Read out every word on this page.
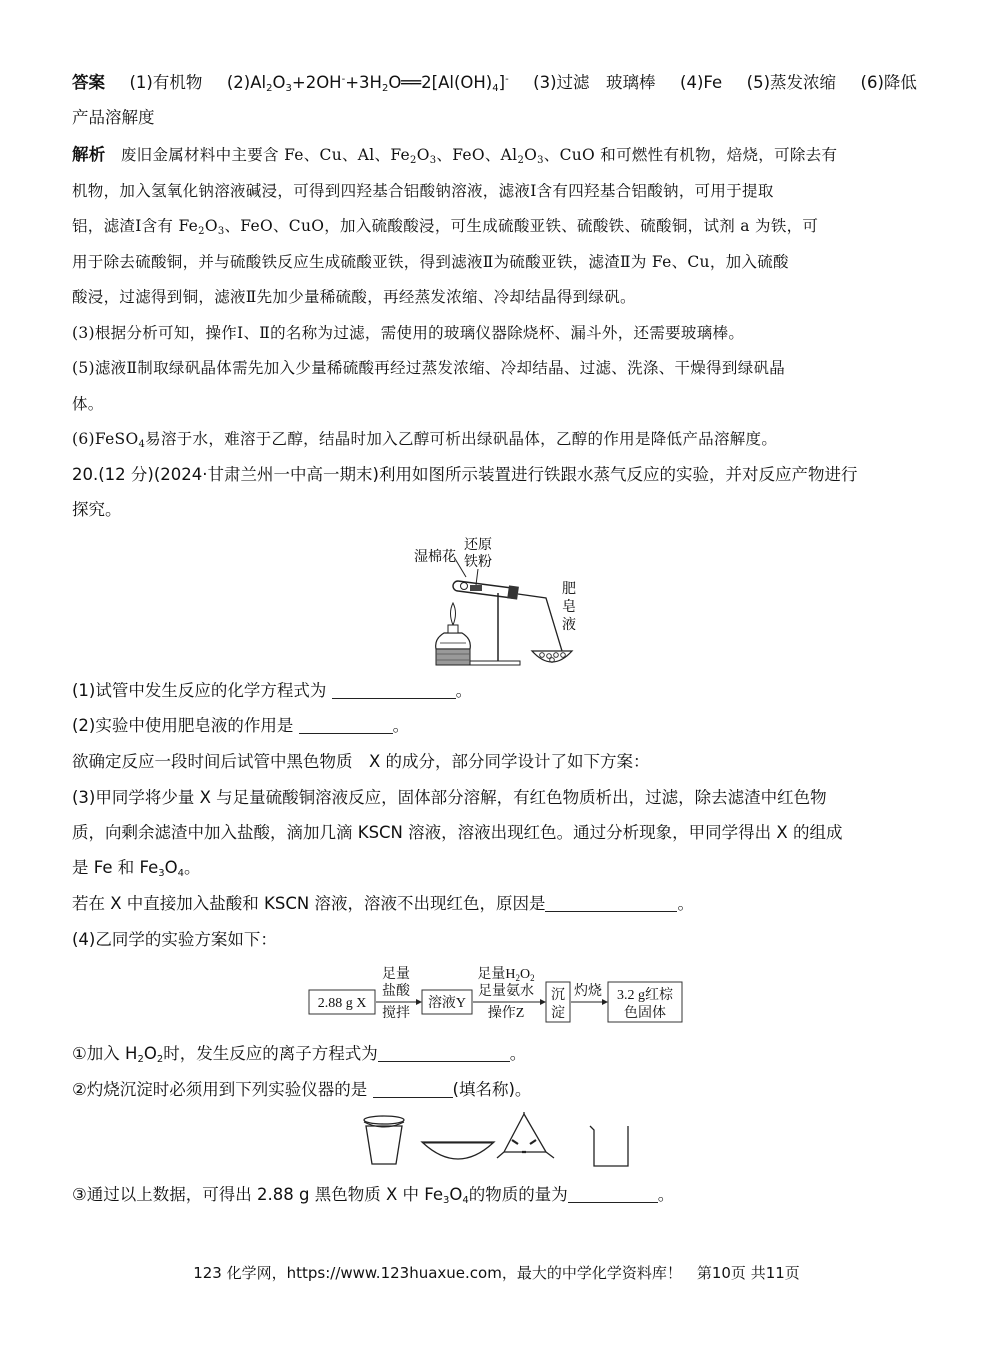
答案 (1)有机物 $(2)Al_2O_3+2OH^-+3H_2O══2[Al(OH)_4]^-$ (3)过滤　玻璃棒 (4)Fe (5)蒸发浓缩 (6)降低
产品溶解度
解析 废旧金属材料中主要含 Fe、Cu、Al、$Fe_2O_3$、FeO、$Al_2O_3$、CuO 和可燃性有机物，焙烧，可除去有
机物，加入氢氧化钠溶液碱浸，可得到四羟基合铝酸钠溶液，滤液Ⅰ含有四羟基合铝酸钠，可用于提取
铝，滤渣Ⅰ含有 $Fe_2O_3$、FeO、CuO，加入硫酸酸浸，可生成硫酸亚铁、硫酸铁、硫酸铜，试剂 a 为铁，可
用于除去硫酸铜，并与硫酸铁反应生成硫酸亚铁，得到滤液Ⅱ为硫酸亚铁，滤渣Ⅱ为 Fe、Cu，加入硫酸
酸浸，过滤得到铜，滤液Ⅱ先加少量稀硫酸，再经蒸发浓缩、冷却结晶得到绿矾。
(3)根据分析可知，操作Ⅰ、Ⅱ的名称为过滤，需使用的玻璃仪器除烧杯、漏斗外，还需要玻璃棒。
(5)滤液Ⅱ制取绿矾晶体需先加入少量稀硫酸再经过蒸发浓缩、冷却结晶、过滤、洗涤、干燥得到绿矾晶
体。
(6)FeSO$_4$易溶于水，难溶于乙醇，结晶时加入乙醇可析出绿矾晶体，乙醇的作用是降低产品溶解度。
20.(12 分)(2024·甘肃兰州一中高一期末)利用如图所示装置进行铁跟水蒸气反应的实验，并对反应产物进行
探究。
湿棉花
还原
铁粉
肥
皂
液
(1)试管中发生反应的化学方程式为	。
(2)实验中使用肥皂液的作用是	。
欲确定反应一段时间后试管中黑色物质　X 的成分，部分同学设计了如下方案：
(3)甲同学将少量 X 与足量硫酸铜溶液反应，固体部分溶解，有红色物质析出，过滤，除去滤渣中红色物
质，向剩余滤渣中加入盐酸，滴加几滴 KSCN 溶液，溶液出现红色。通过分析现象，甲同学得出 X 的组成
是 Fe 和 $Fe_3O_4$。
若在 X 中直接加入盐酸和 KSCN 溶液，溶液不出现红色，原因是	。
(4)乙同学的实验方案如下：
2.88 g X
足量
盐酸
搅拌
溶液Y
足量$H_2O_2$
足量氨水
操作Z
沉
淀
灼烧 3.2 g红棕
色固体
①加入 $H_2O_2$时，发生反应的离子方程式为	。
②灼烧沉淀时必须用到下列实验仪器的是	(填名称)。
③通过以上数据，可得出 2.88 g 黑色物质 X 中 $Fe_3O_4$的物质的量为	。
123 化学网，https://www.123huaxue.com，最大的中学化学资料库！　第10页 共11页
